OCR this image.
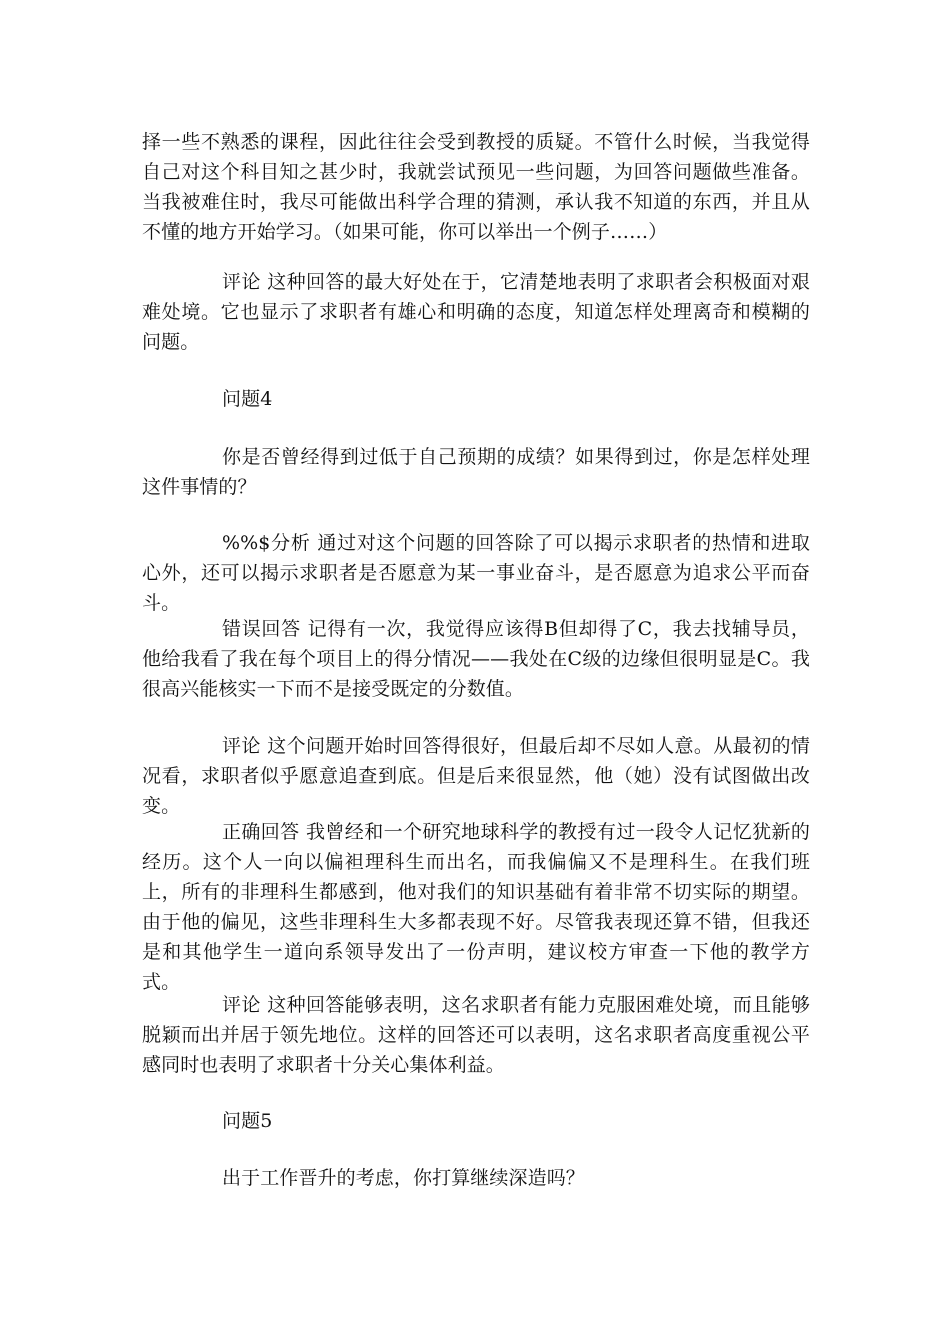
择一些不熟悉的课程，因此往往会受到教授的质疑。不管什么时候，当我觉得自己对这个科目知之甚少时，我就尝试预见一些问题，为回答问题做些准备。当我被难住时，我尽可能做出科学合理的猜测，承认我不知道的东西，并且从不懂的地方开始学习。（如果可能，你可以举出一个例子……）

评论 这种回答的最大好处在于，它清楚地表明了求职者会积极面对艰难处境。它也显示了求职者有雄心和明确的态度，知道怎样处理离奇和模糊的问题。

问题4

你是否曾经得到过低于自己预期的成绩？如果得到过，你是怎样处理这件事情的？

%%$分析 通过对这个问题的回答除了可以揭示求职者的热情和进取心外，还可以揭示求职者是否愿意为某一事业奋斗，是否愿意为追求公平而奋斗。

错误回答 记得有一次，我觉得应该得B但却得了C，我去找辅导员，他给我看了我在每个项目上的得分情况——我处在C级的边缘但很明显是C。我很高兴能核实一下而不是接受既定的分数值。

评论 这个问题开始时回答得很好，但最后却不尽如人意。从最初的情况看，求职者似乎愿意追查到底。但是后来很显然，他（她）没有试图做出改变。

正确回答 我曾经和一个研究地球科学的教授有过一段令人记忆犹新的经历。这个人一向以偏袒理科生而出名，而我偏偏又不是理科生。在我们班上，所有的非理科生都感到，他对我们的知识基础有着非常不切实际的期望。由于他的偏见，这些非理科生大多都表现不好。尽管我表现还算不错，但我还是和其他学生一道向系领导发出了一份声明，建议校方审查一下他的教学方式。

评论 这种回答能够表明，这名求职者有能力克服困难处境，而且能够脱颖而出并居于领先地位。这样的回答还可以表明，这名求职者高度重视公平感同时也表明了求职者十分关心集体利益。

问题5

出于工作晋升的考虑，你打算继续深造吗？
